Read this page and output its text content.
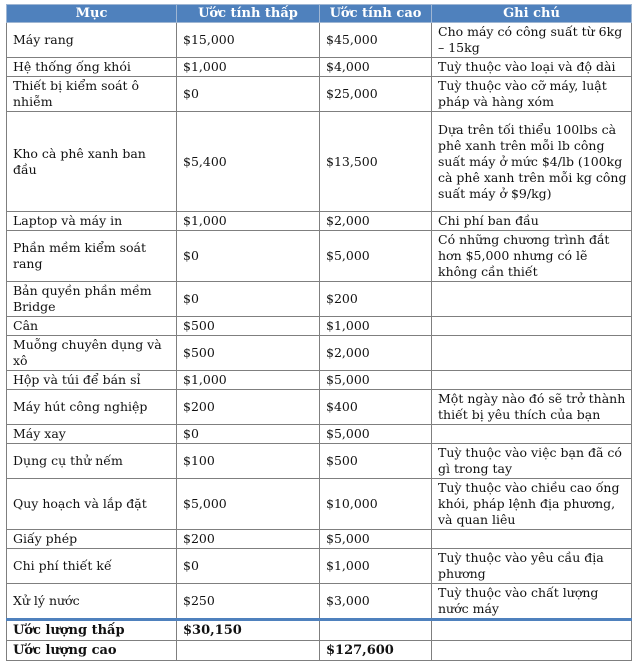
Mục	Ước tính thấp	Ước tính cao	Ghi chú
Máy rang	$15,000	$45,000	Cho máy có công suất từ 6kg – 15kg
Hệ thống ống khói	$1,000	$4,000	Tuỳ thuộc vào loại và độ dài
Thiết bị kiểm soát ô nhiễm	$0	$25,000	Tuỳ thuộc vào cỡ máy, luật pháp và hàng xóm
Kho cà phê xanh ban đầu	$5,400	$13,500	Dựa trên tối thiểu 100lbs cà phê xanh trên mỗi lb công suất máy ở mức $4/lb (100kg cà phê xanh trên mỗi kg công suất máy ở $9/kg)
Laptop và máy in	$1,000	$2,000	Chi phí ban đầu
Phần mềm kiểm soát rang	$0	$5,000	Có những chương trình đắt hơn $5,000 nhưng có lẽ không cần thiết
Bản quyền phần mềm Bridge	$0	$200	
Cân	$500	$1,000	
Muỗng chuyên dụng và xô	$500	$2,000	
Hộp và túi để bán sỉ	$1,000	$5,000	
Máy hút công nghiệp	$200	$400	Một ngày nào đó sẽ trở thành thiết bị yêu thích của bạn
Máy xay	$0	$5,000	
Dụng cụ thử nếm	$100	$500	Tuỳ thuộc vào việc bạn đã có gì trong tay
Quy hoạch và lắp đặt	$5,000	$10,000	Tuỳ thuộc vào chiều cao ống khói, pháp lệnh địa phương, và quan liêu
Giấy phép	$200	$5,000	
Chi phí thiết kế	$0	$1,000	Tuỳ thuộc vào yêu cầu địa phương
Xử lý nước	$250	$3,000	Tuỳ thuộc vào chất lượng nước máy
Ước lượng thấp	$30,150		
Ước lượng cao		$127,600	
